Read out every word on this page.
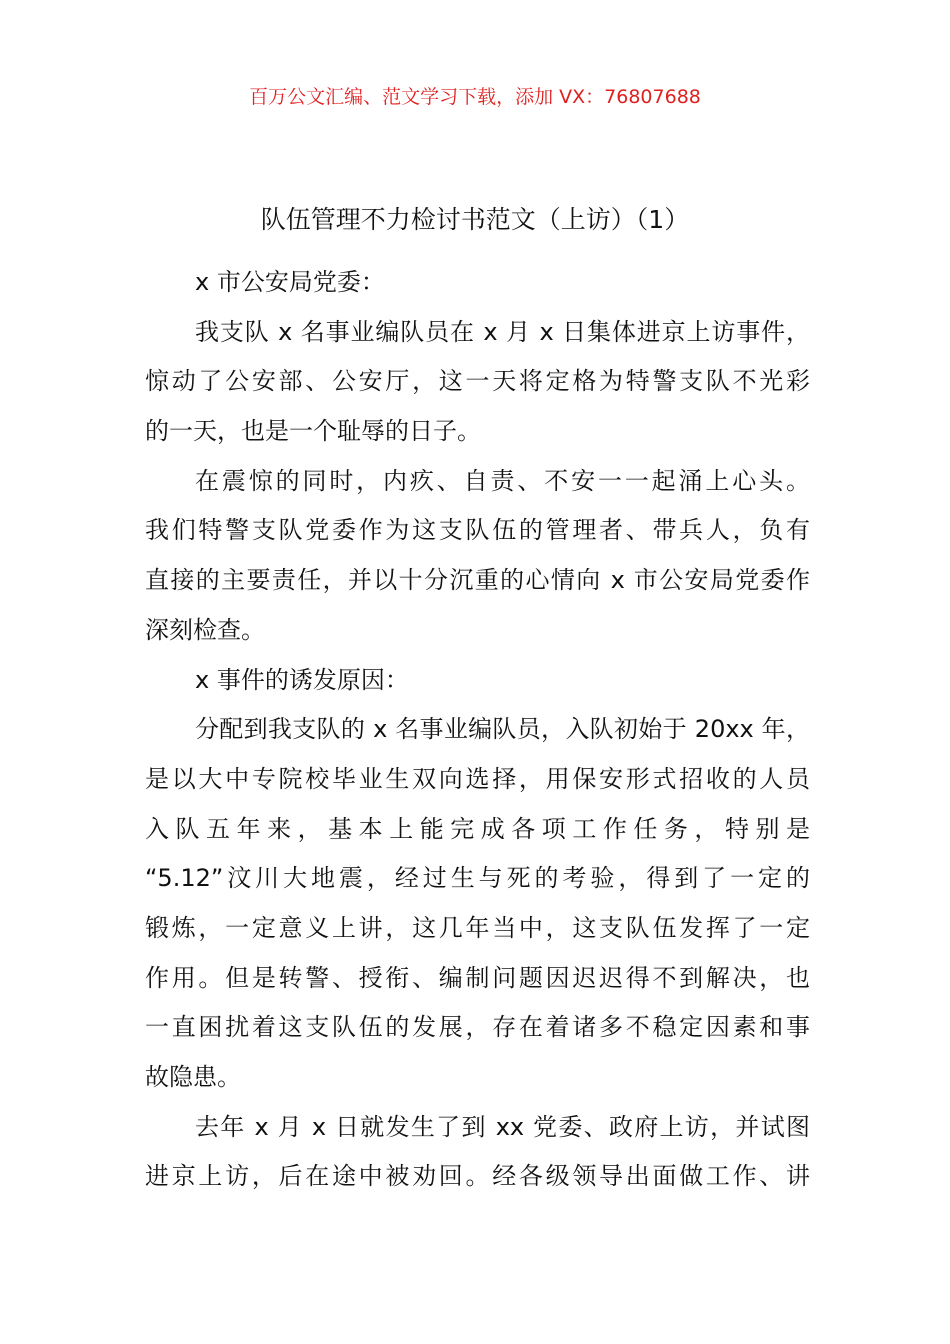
百万公文汇编、范文学习下载，添加 VX：76807688
队伍管理不力检讨书范文（上访）（1）
x 市公安局党委：
我支队 x 名事业编队员在 x 月 x 日集体进京上访事件，
惊动了公安部、公安厅，这一天将定格为特警支队不光彩
的一天，也是一个耻辱的日子。
在震惊的同时，内疚、自责、不安一一起涌上心头。
我们特警支队党委作为这支队伍的管理者、带兵人，负有
直接的主要责任，并以十分沉重的心情向 x 市公安局党委作
深刻检查。
x 事件的诱发原因：
分配到我支队的 x 名事业编队员，入队初始于 20xx 年，
是以大中专院校毕业生双向选择，用保安形式招收的人员
入队五年来，基本上能完成各项工作任务，特别是
“5.12”汶川大地震，经过生与死的考验，得到了一定的
锻炼，一定意义上讲，这几年当中，这支队伍发挥了一定
作用。但是转警、授衔、编制问题因迟迟得不到解决，也
一直困扰着这支队伍的发展，存在着诸多不稳定因素和事
故隐患。
去年 x 月 x 日就发生了到 xx 党委、政府上访，并试图
进京上访，后在途中被劝回。经各级领导出面做工作、讲
